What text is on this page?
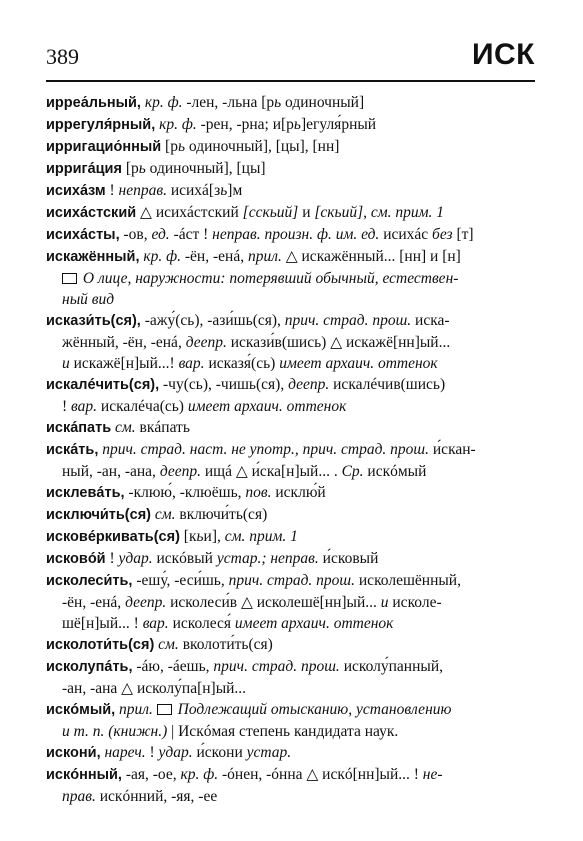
389	ИСК
ирреа́льный, кр. ф. -лен, -льна [рь одиночный]
иррегуля́рный, кр. ф. -рен, -рна; и[рь]егуля́рный
ирригацио́нный [рь одиночный], [цы], [нн]
ирригáция [рь одиночный], [цы]
исихáзм ! неправ. исихá[зь]м
исихáстский △ исихáстский [сскьий] и [скьий], см. прим. 1
исихáсты, -ов, ед. -áст ! неправ. произн. ф. им. ед. исихáс без [т]
искажённый, кр. ф. -ён, -енá, прил. △ искажённый... [нн] и [н]
О лице, наружности: потерявший обычный, естествен-
ный вид
искази́ть(ся), -ажу́(сь), -ази́шь(ся), прич. страд. прош. иска-
жённый, -ён, -енá, деепр. искази́в(шись) △ искажё[нн]ый...
и искажё[н]ый...! вар. исказя́(сь) имеет архаич. оттенок
искалéчить(ся), -чу(сь), -чишь(ся), деепр. искалéчив(шись)
! вар. искалéча(сь) имеет архаич. оттенок
искáпать см. вкáпать
искáть, прич. страд. наст. не употр., прич. страд. прош. и́скан-
ный, -ан, -ана, деепр. ищá △ и́ска[н]ый... . Ср. искóмый
исклевáть, -клюю́, -клюёшь, пов. исклю́й
исключи́ть(ся) см. включи́ть(ся)
исковéркивать(ся) [кьи], см. прим. 1
исковóй ! удар. искóвый устар.; неправ. и́сковый
исколеси́ть, -ешу́, -еси́шь, прич. страд. прош. исколешённый,
-ён, -енá, деепр. исколеси́в △ исколешё[нн]ый... и исколе-
шё[н]ый... ! вар. исколеся́ имеет архаич. оттенок
исколоти́ть(ся) см. вколоти́ть(ся)
исколупáть, -áю, -áешь, прич. страд. прош. исколу́панный,
-ан, -ана △ исколу́па[н]ый...
искóмый, прил.  Подлежащий отысканию, установлению
и т. п. (книжн.) | Искóмая степень кандидата наук.
искони́, нареч. ! удар. и́скони устар.
искóнный, -ая, -ое, кр. ф. -óнен, -óнна △ искó[нн]ый... ! не-
прав. искóнний, -яя, -ее
